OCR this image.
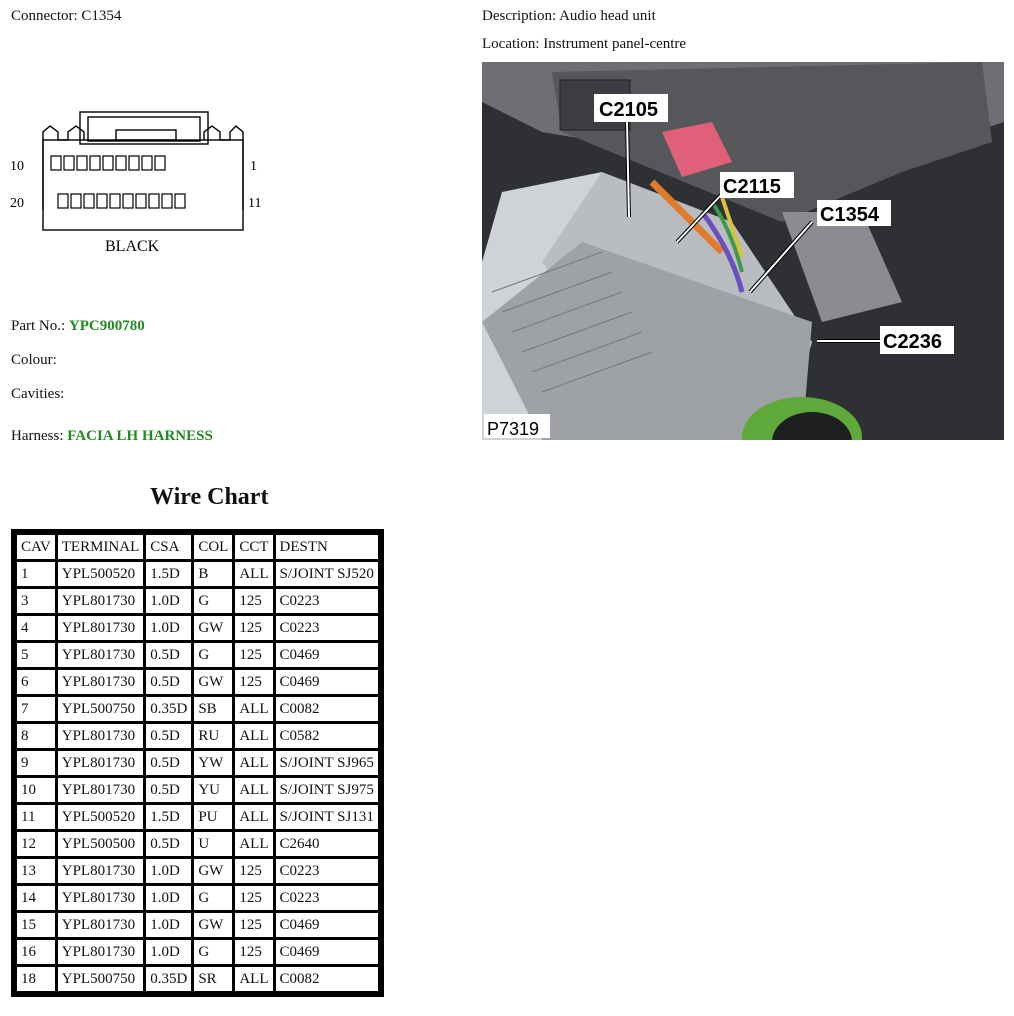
Connector: C1354	Description: Audio head unit
Location: Instrument panel-centre
10	1
20	11
BLACK
Part No.: YPC900780
Colour:
Cavities:
Harness: FACIA LH HARNESS
C2105
C2115
C1354
C2236
P7319
Wire Chart
CAV	TERMINAL	CSA	COL	CCT	DESTN
1	YPL500520	1.5D	B	ALL	S/JOINT SJ520
3	YPL801730	1.0D	G	125	C0223
4	YPL801730	1.0D	GW	125	C0223
5	YPL801730	0.5D	G	125	C0469
6	YPL801730	0.5D	GW	125	C0469
7	YPL500750	0.35D	SB	ALL	C0082
8	YPL801730	0.5D	RU	ALL	C0582
9	YPL801730	0.5D	YW	ALL	S/JOINT SJ965
10	YPL801730	0.5D	YU	ALL	S/JOINT SJ975
11	YPL500520	1.5D	PU	ALL	S/JOINT SJ131
12	YPL500500	0.5D	U	ALL	C2640
13	YPL801730	1.0D	GW	125	C0223
14	YPL801730	1.0D	G	125	C0223
15	YPL801730	1.0D	GW	125	C0469
16	YPL801730	1.0D	G	125	C0469
18	YPL500750	0.35D	SR	ALL	C0082
